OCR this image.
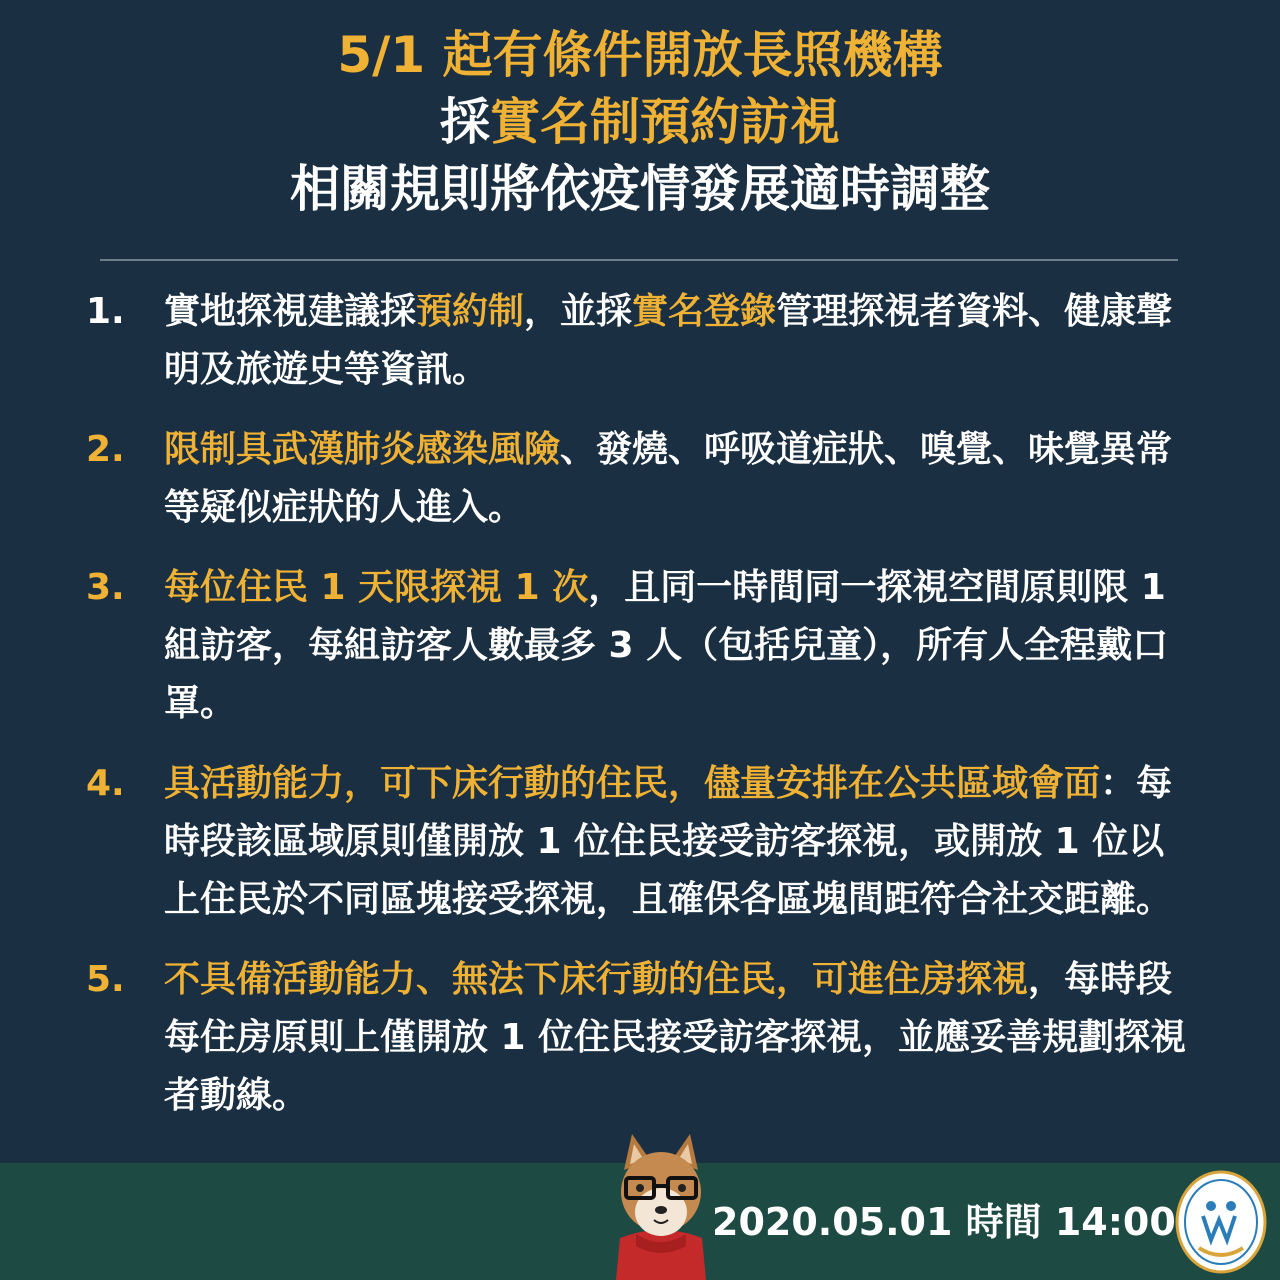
5/1 起有條件開放長照機構
採實名制預約訪視
相關規則將依疫情發展適時調整
1.	實地探視建議採預約制，並採實名登錄管理探視者資料、健康聲明及旅遊史等資訊。
2.	限制具武漢肺炎感染風險、發燒、呼吸道症狀、嗅覺、味覺異常等疑似症狀的人進入。
3.	每位住民 1 天限探視 1 次，且同一時間同一探視空間原則限 1 組訪客，每組訪客人數最多 3 人（包括兒童），所有人全程戴口罩。
4.	具活動能力，可下床行動的住民，儘量安排在公共區域會面：每時段該區域原則僅開放 1 位住民接受訪客探視，或開放 1 位以上住民於不同區塊接受探視，且確保各區塊間距符合社交距離。
5.	不具備活動能力、無法下床行動的住民，可進住房探視，每時段每住房原則上僅開放 1 位住民接受訪客探視，並應妥善規劃探視者動線。
2020.05.01 時間 14:00
